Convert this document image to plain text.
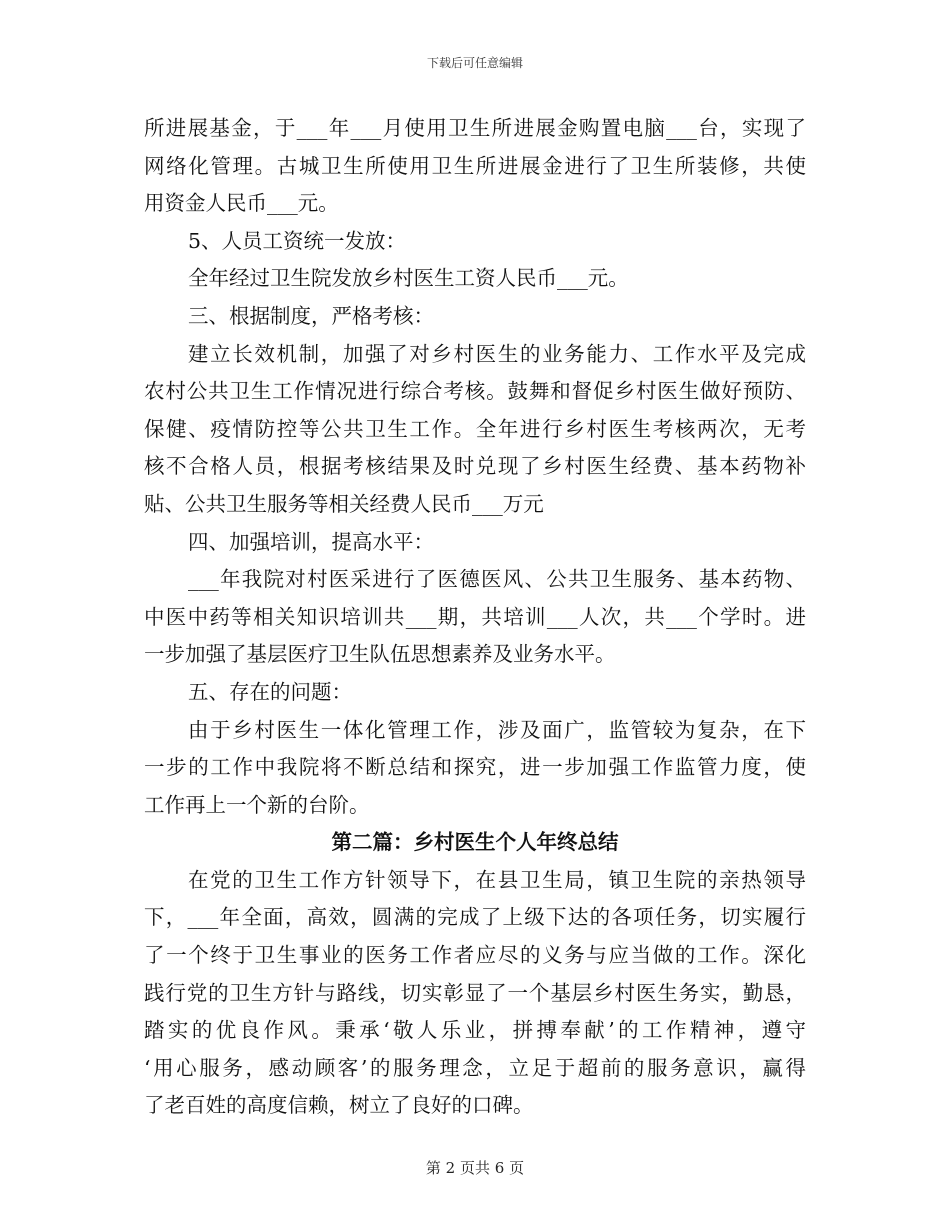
下载后可任意编辑
所进展基金，于___年___月使用卫生所进展金购置电脑___台，实现了
网络化管理。古城卫生所使用卫生所进展金进行了卫生所装修，共使
用资金人民币___元。
5、人员工资统一发放：
全年经过卫生院发放乡村医生工资人民币___元。
三、根据制度，严格考核：
建立长效机制，加强了对乡村医生的业务能力、工作水平及完成
农村公共卫生工作情况进行综合考核。鼓舞和督促乡村医生做好预防、
保健、疫情防控等公共卫生工作。全年进行乡村医生考核两次，无考
核不合格人员，根据考核结果及时兑现了乡村医生经费、基本药物补
贴、公共卫生服务等相关经费人民币___万元
四、加强培训，提高水平：
___年我院对村医采进行了医德医风、公共卫生服务、基本药物、
中医中药等相关知识培训共___期，共培训___人次，共___个学时。进
一步加强了基层医疗卫生队伍思想素养及业务水平。
五、存在的问题：
由于乡村医生一体化管理工作，涉及面广，监管较为复杂，在下
一步的工作中我院将不断总结和探究，进一步加强工作监管力度，使
工作再上一个新的台阶。
第二篇：乡村医生个人年终总结
在党的卫生工作方针领导下，在县卫生局，镇卫生院的亲热领导
下，___年全面，高效，圆满的完成了上级下达的各项任务，切实履行
了一个终于卫生事业的医务工作者应尽的义务与应当做的工作。深化
践行党的卫生方针与路线，切实彰显了一个基层乡村医生务实，勤恳，
踏实的优良作风。秉承‘敬人乐业，拼搏奉献’的工作精神，遵守
‘用心服务，感动顾客’的服务理念，立足于超前的服务意识，赢得
了老百姓的高度信赖，树立了良好的口碑。
第 2 页共 6 页
